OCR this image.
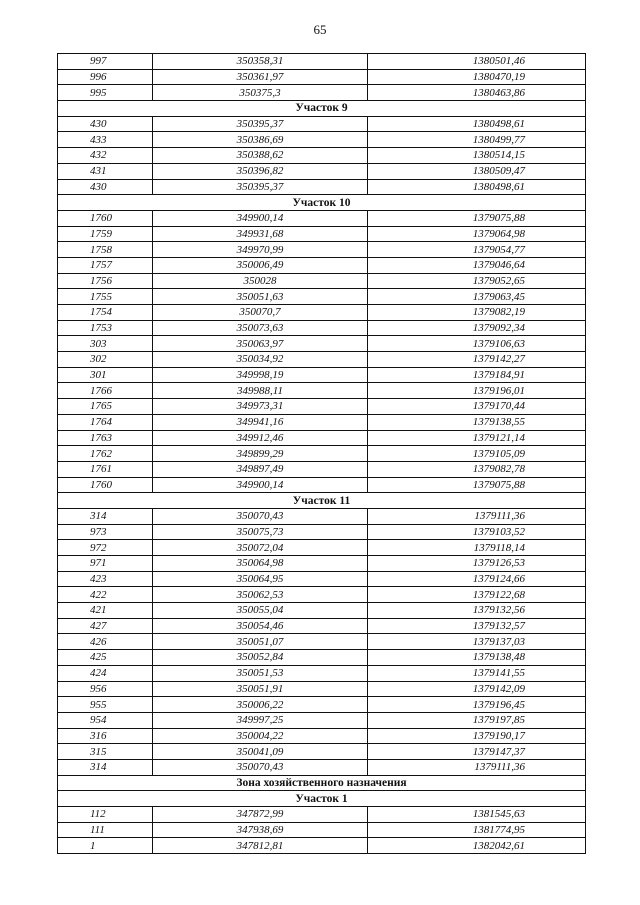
65
997	350358,31	1380501,46
996	350361,97	1380470,19
995	350375,3	1380463,86
Участок 9		
430	350395,37	1380498,61
433	350386,69	1380499,77
432	350388,62	1380514,15
431	350396,82	1380509,47
430	350395,37	1380498,61
Участок 10		
1760	349900,14	1379075,88
1759	349931,68	1379064,98
1758	349970,99	1379054,77
1757	350006,49	1379046,64
1756	350028	1379052,65
1755	350051,63	1379063,45
1754	350070,7	1379082,19
1753	350073,63	1379092,34
303	350063,97	1379106,63
302	350034,92	1379142,27
301	349998,19	1379184,91
1766	349988,11	1379196,01
1765	349973,31	1379170,44
1764	349941,16	1379138,55
1763	349912,46	1379121,14
1762	349899,29	1379105,09
1761	349897,49	1379082,78
1760	349900,14	1379075,88
Участок 11		
314	350070,43	1379111,36
973	350075,73	1379103,52
972	350072,04	1379118,14
971	350064,98	1379126,53
423	350064,95	1379124,66
422	350062,53	1379122,68
421	350055,04	1379132,56
427	350054,46	1379132,57
426	350051,07	1379137,03
425	350052,84	1379138,48
424	350051,53	1379141,55
956	350051,91	1379142,09
955	350006,22	1379196,45
954	349997,25	1379197,85
316	350004,22	1379190,17
315	350041,09	1379147,37
314	350070,43	1379111,36
Зона хозяйственного назначения		
Участок 1		
112	347872,99	1381545,63
111	347938,69	1381774,95
1	347812,81	1382042,61
